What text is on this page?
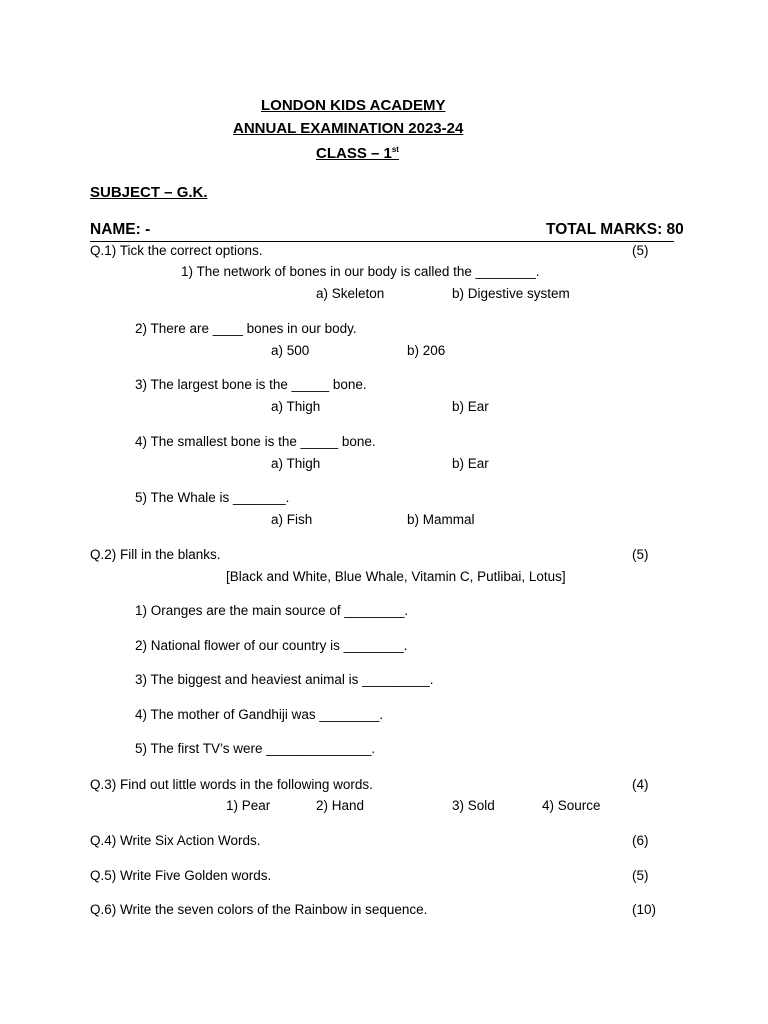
LONDON KIDS ACADEMY
ANNUAL EXAMINATION 2023-24
CLASS – 1st
SUBJECT – G.K.
NAME: -	TOTAL MARKS: 80
Q.1) Tick the correct options.	(5)
1) The network of bones in our body is called the ________.
a) Skeleton	b) Digestive system
2) There are ____ bones in our body.
a) 500	b) 206
3) The largest bone is the _____ bone.
a) Thigh	b) Ear
4) The smallest bone is the _____ bone.
a) Thigh	b) Ear
5) The Whale is _______.
a) Fish	b) Mammal
Q.2) Fill in the blanks.	(5)
[Black and White, Blue Whale, Vitamin C, Putlibai, Lotus]
1) Oranges are the main source of ________.
2) National flower of our country is ________.
3) The biggest and heaviest animal is _________.
4) The mother of Gandhiji was ________.
5) The first TV’s were ______________.
Q.3) Find out little words in the following words.	(4)
1) Pear	2) Hand	3) Sold	4) Source
Q.4) Write Six Action Words.	(6)
Q.5) Write Five Golden words.	(5)
Q.6) Write the seven colors of the Rainbow in sequence.	(10)
